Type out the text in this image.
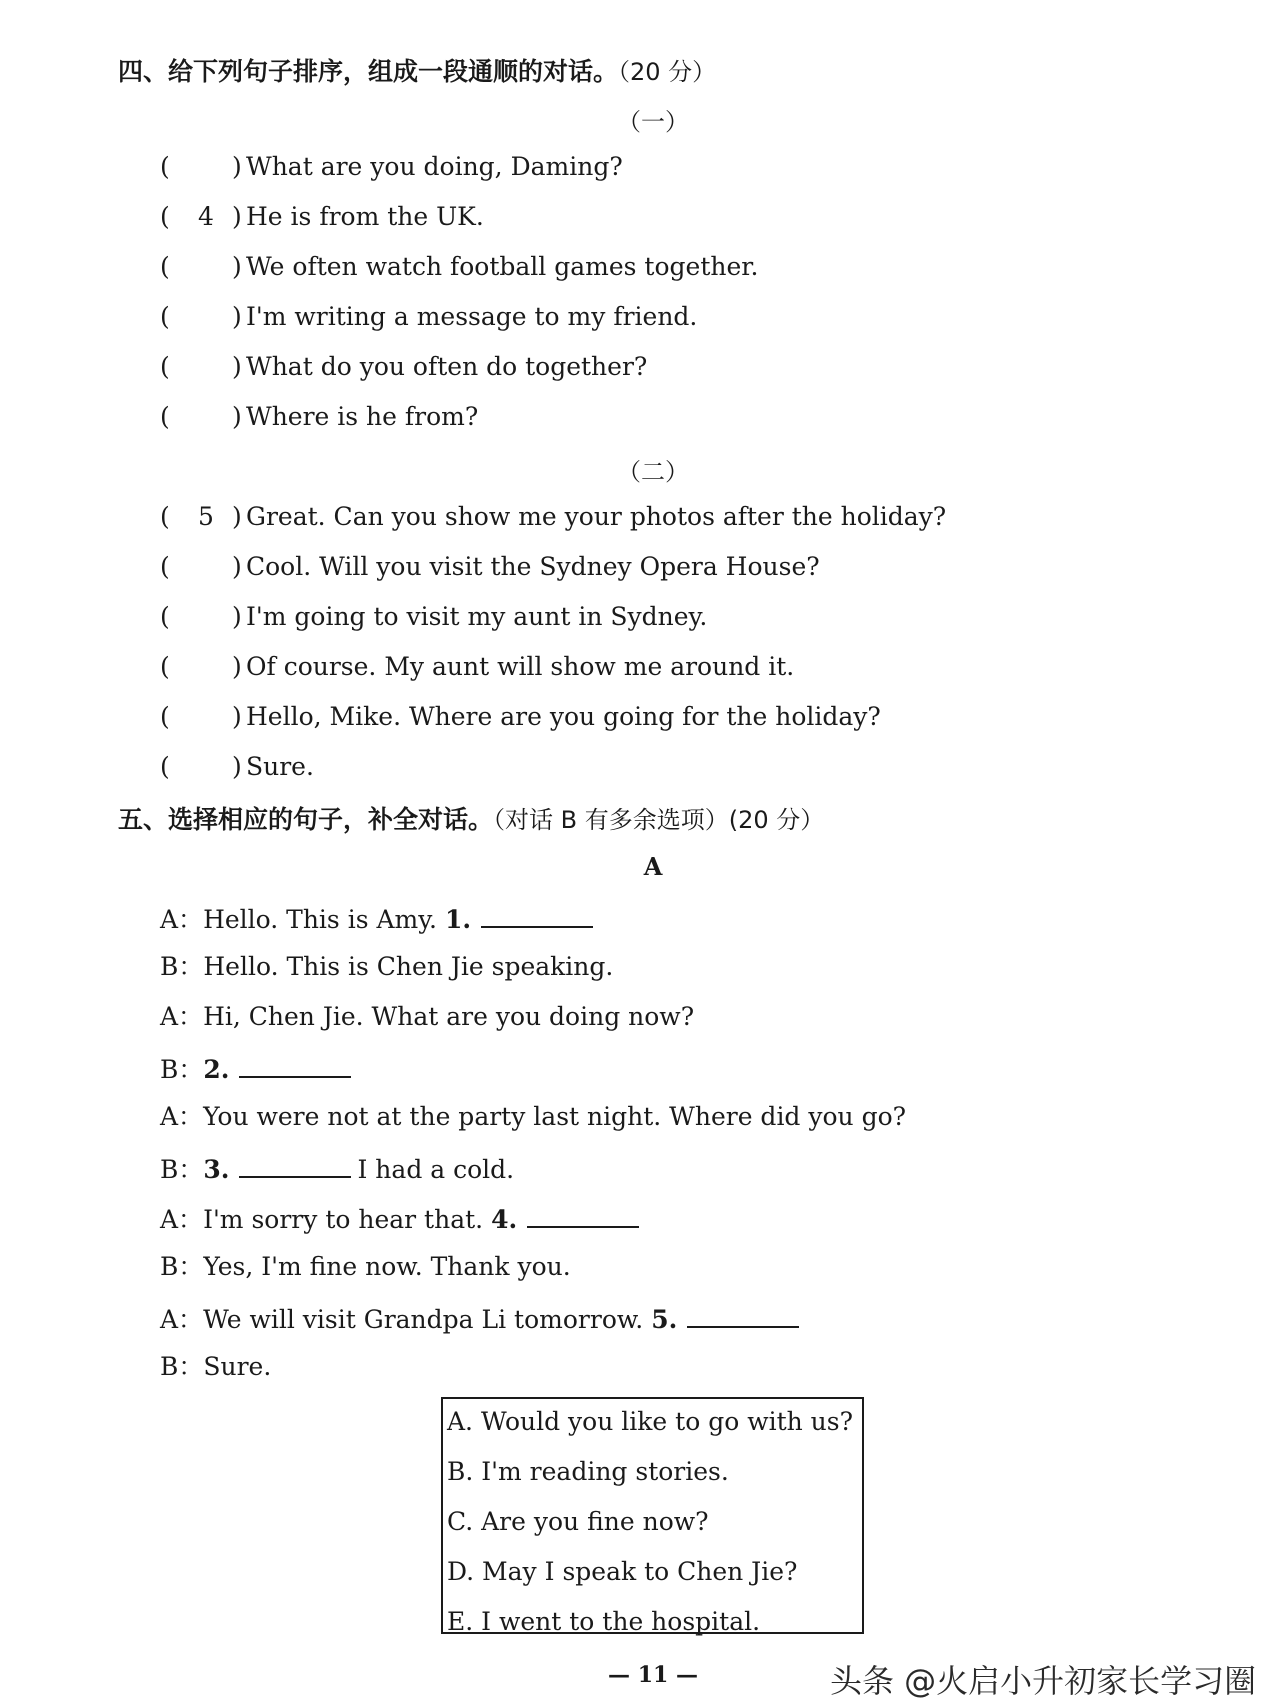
四、给下列句子排序，组成一段通顺的对话。（20 分）
（一）
( ) What are you doing, Daming?
( 4 ) He is from the UK.
( ) We often watch football games together.
( ) I'm writing a message to my friend.
( ) What do you often do together?
( ) Where is he from?
（二）
( 5 ) Great. Can you show me your photos after the holiday?
( ) Cool. Will you visit the Sydney Opera House?
( ) I'm going to visit my aunt in Sydney.
( ) Of course. My aunt will show me around it.
( ) Hello, Mike. Where are you going for the holiday?
( ) Sure.
五、选择相应的句子，补全对话。（对话 B 有多余选项）(20 分）
A
A：Hello. This is Amy. 1.
B：Hello. This is Chen Jie speaking.
A：Hi, Chen Jie. What are you doing now?
B：2.
A：You were not at the party last night. Where did you go?
B：3.	I had a cold.
A：I'm sorry to hear that. 4.
B：Yes, I'm fine now. Thank you.
A：We will visit Grandpa Li tomorrow. 5.
B：Sure.
A. Would you like to go with us?
B. I'm reading stories.
C. Are you fine now?
D. May I speak to Chen Jie?
E. I went to the hospital.
— 11 —	头条 @火启小升初家长学习圈
